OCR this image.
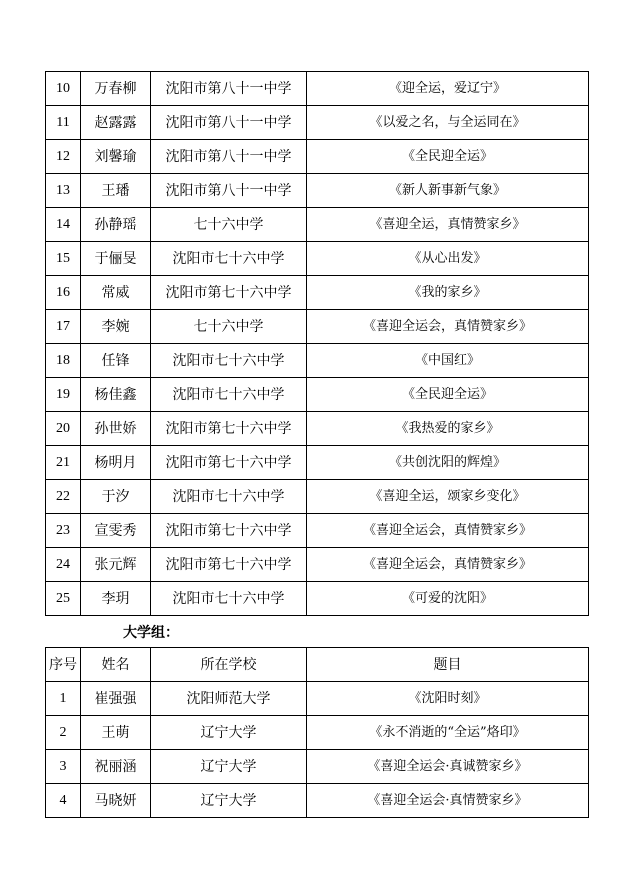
10	万春柳	沈阳市第八十一中学	《迎全运，爱辽宁》
11	赵露露	沈阳市第八十一中学	《以爱之名，与全运同在》
12	刘馨瑜	沈阳市第八十一中学	《全民迎全运》
13	王璠	沈阳市第八十一中学	《新人新事新气象》
14	孙静瑶	七十六中学	《喜迎全运，真情赞家乡》
15	于俪旻	沈阳市七十六中学	《从心出发》
16	常威	沈阳市第七十六中学	《我的家乡》
17	李婉	七十六中学	《喜迎全运会，真情赞家乡》
18	任锋	沈阳市七十六中学	《中国红》
19	杨佳鑫	沈阳市七十六中学	《全民迎全运》
20	孙世娇	沈阳市第七十六中学	《我热爱的家乡》
21	杨明月	沈阳市第七十六中学	《共创沈阳的辉煌》
22	于汐	沈阳市七十六中学	《喜迎全运，颂家乡变化》
23	宣雯秀	沈阳市第七十六中学	《喜迎全运会，真情赞家乡》
24	张元辉	沈阳市第七十六中学	《喜迎全运会，真情赞家乡》
25	李玥	沈阳市七十六中学	《可爱的沈阳》
大学组：
序号	姓名	所在学校	题目
1	崔强强	沈阳师范大学	《沈阳时刻》
2	王萌	辽宁大学	《永不消逝的“全运”烙印》
3	祝丽涵	辽宁大学	《喜迎全运会·真诚赞家乡》
4	马晓妍	辽宁大学	《喜迎全运会·真情赞家乡》
